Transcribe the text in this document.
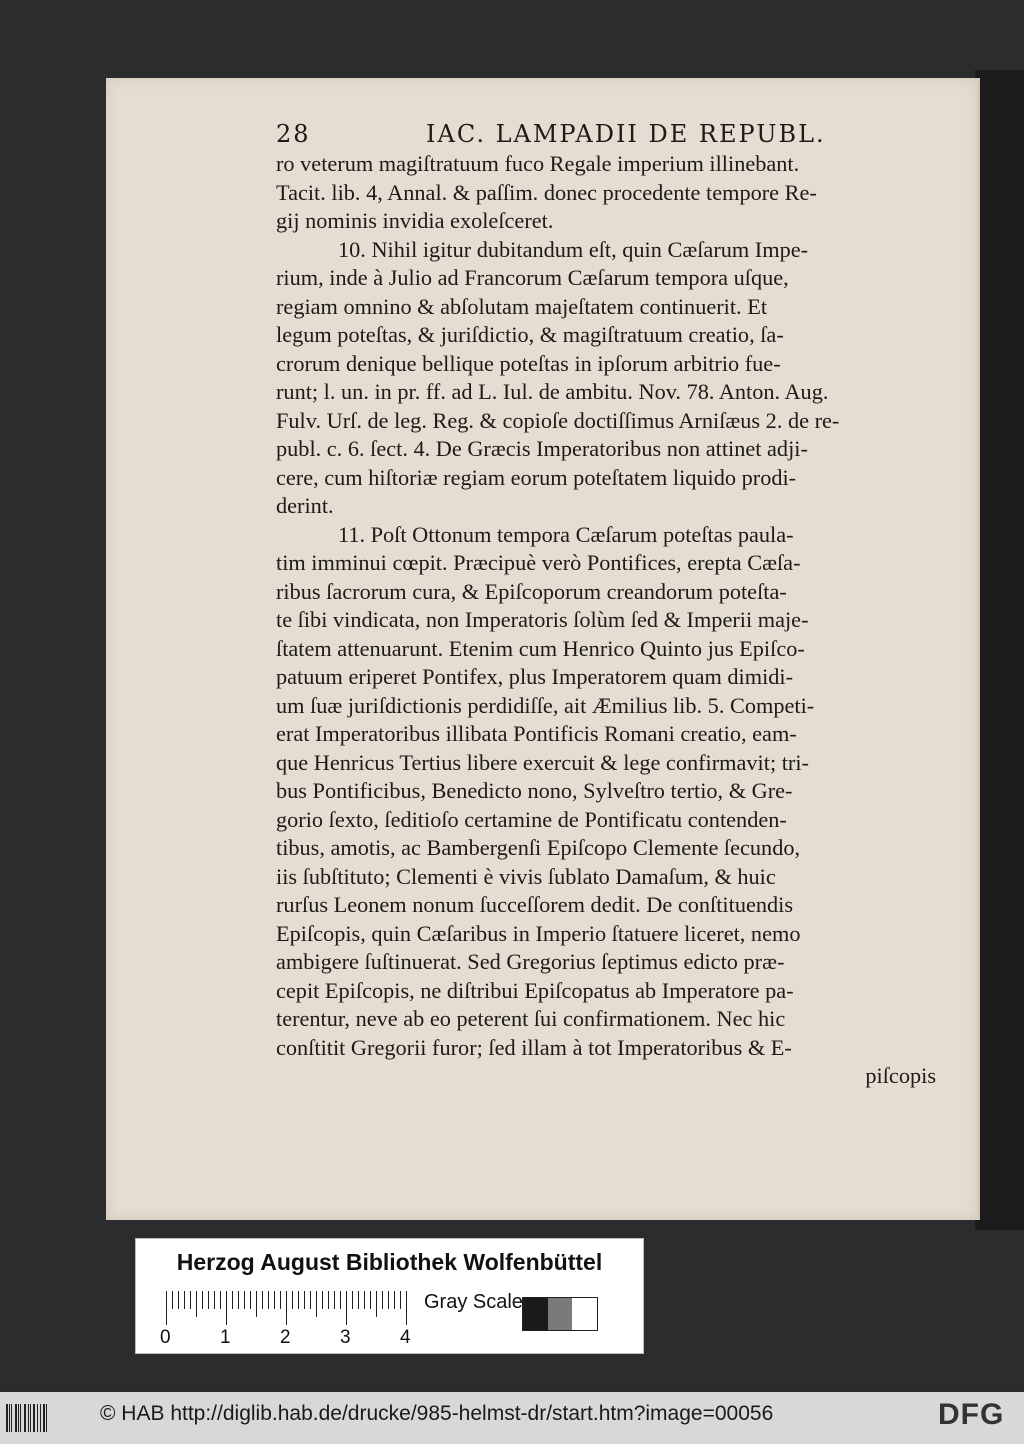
28	IAC. LAMPADII DE REPUBL.
ro veterum magiſtratuum fuco Regale imperium illinebant.
Tacit. lib. 4, Annal. & paſſim. donec procedente tempore Re-
gij nominis invidia exoleſceret.
10. Nihil igitur dubitandum eſt, quin Cæſarum Impe-
rium, inde à Julio ad Francorum Cæſarum tempora uſque,
regiam omnino & abſolutam majeſtatem continuerit. Et
legum poteſtas, & juriſdictio, & magiſtratuum creatio, ſa-
crorum denique bellique poteſtas in ipſorum arbitrio fue-
runt; l. un. in pr. ff. ad L. Iul. de ambitu. Nov. 78. Anton. Aug.
Fulv. Urſ. de leg. Reg. & copioſe doctiſſimus Arniſæus 2. de re-
publ. c. 6. ſect. 4. De Græcis Imperatoribus non attinet adji-
cere, cum hiſtoriæ regiam eorum poteſtatem liquido prodi-
derint.
11. Poſt Ottonum tempora Cæſarum poteſtas paula-
tim imminui cœpit. Præcipuè verò Pontifices, erepta Cæſa-
ribus ſacrorum cura, & Epiſcoporum creandorum poteſta-
te ſibi vindicata, non Imperatoris ſolùm ſed & Imperii maje-
ſtatem attenuarunt. Etenim cum Henrico Quinto jus Epiſco-
patuum eriperet Pontifex, plus Imperatorem quam dimidi-
um ſuæ juriſdictionis perdidiſſe, ait Æmilius lib. 5. Competi-
erat Imperatoribus illibata Pontificis Romani creatio, eam-
que Henricus Tertius libere exercuit & lege confirmavit; tri-
bus Pontificibus, Benedicto nono, Sylveſtro tertio, & Gre-
gorio ſexto, ſeditioſo certamine de Pontificatu contenden-
tibus, amotis, ac Bambergenſi Epiſcopo Clemente ſecundo,
iis ſubſtituto; Clementi è vivis ſublato Damaſum, & huic
rurſus Leonem nonum ſucceſſorem dedit. De conſtituendis
Epiſcopis, quin Cæſaribus in Imperio ſtatuere liceret, nemo
ambigere ſuſtinuerat. Sed Gregorius ſeptimus edicto præ-
cepit Epiſcopis, ne diſtribui Epiſcopatus ab Imperatore pa-
terentur, neve ab eo peterent ſui confirmationem. Nec hic
conſtitit Gregorii furor; ſed illam à tot Imperatoribus & E-
piſcopis
Herzog August Bibliothek Wolfenbüttel
0	1	2	3	4
Gray Scale
© HAB http://diglib.hab.de/drucke/985-helmst-dr/start.htm?image=00056	DFG
